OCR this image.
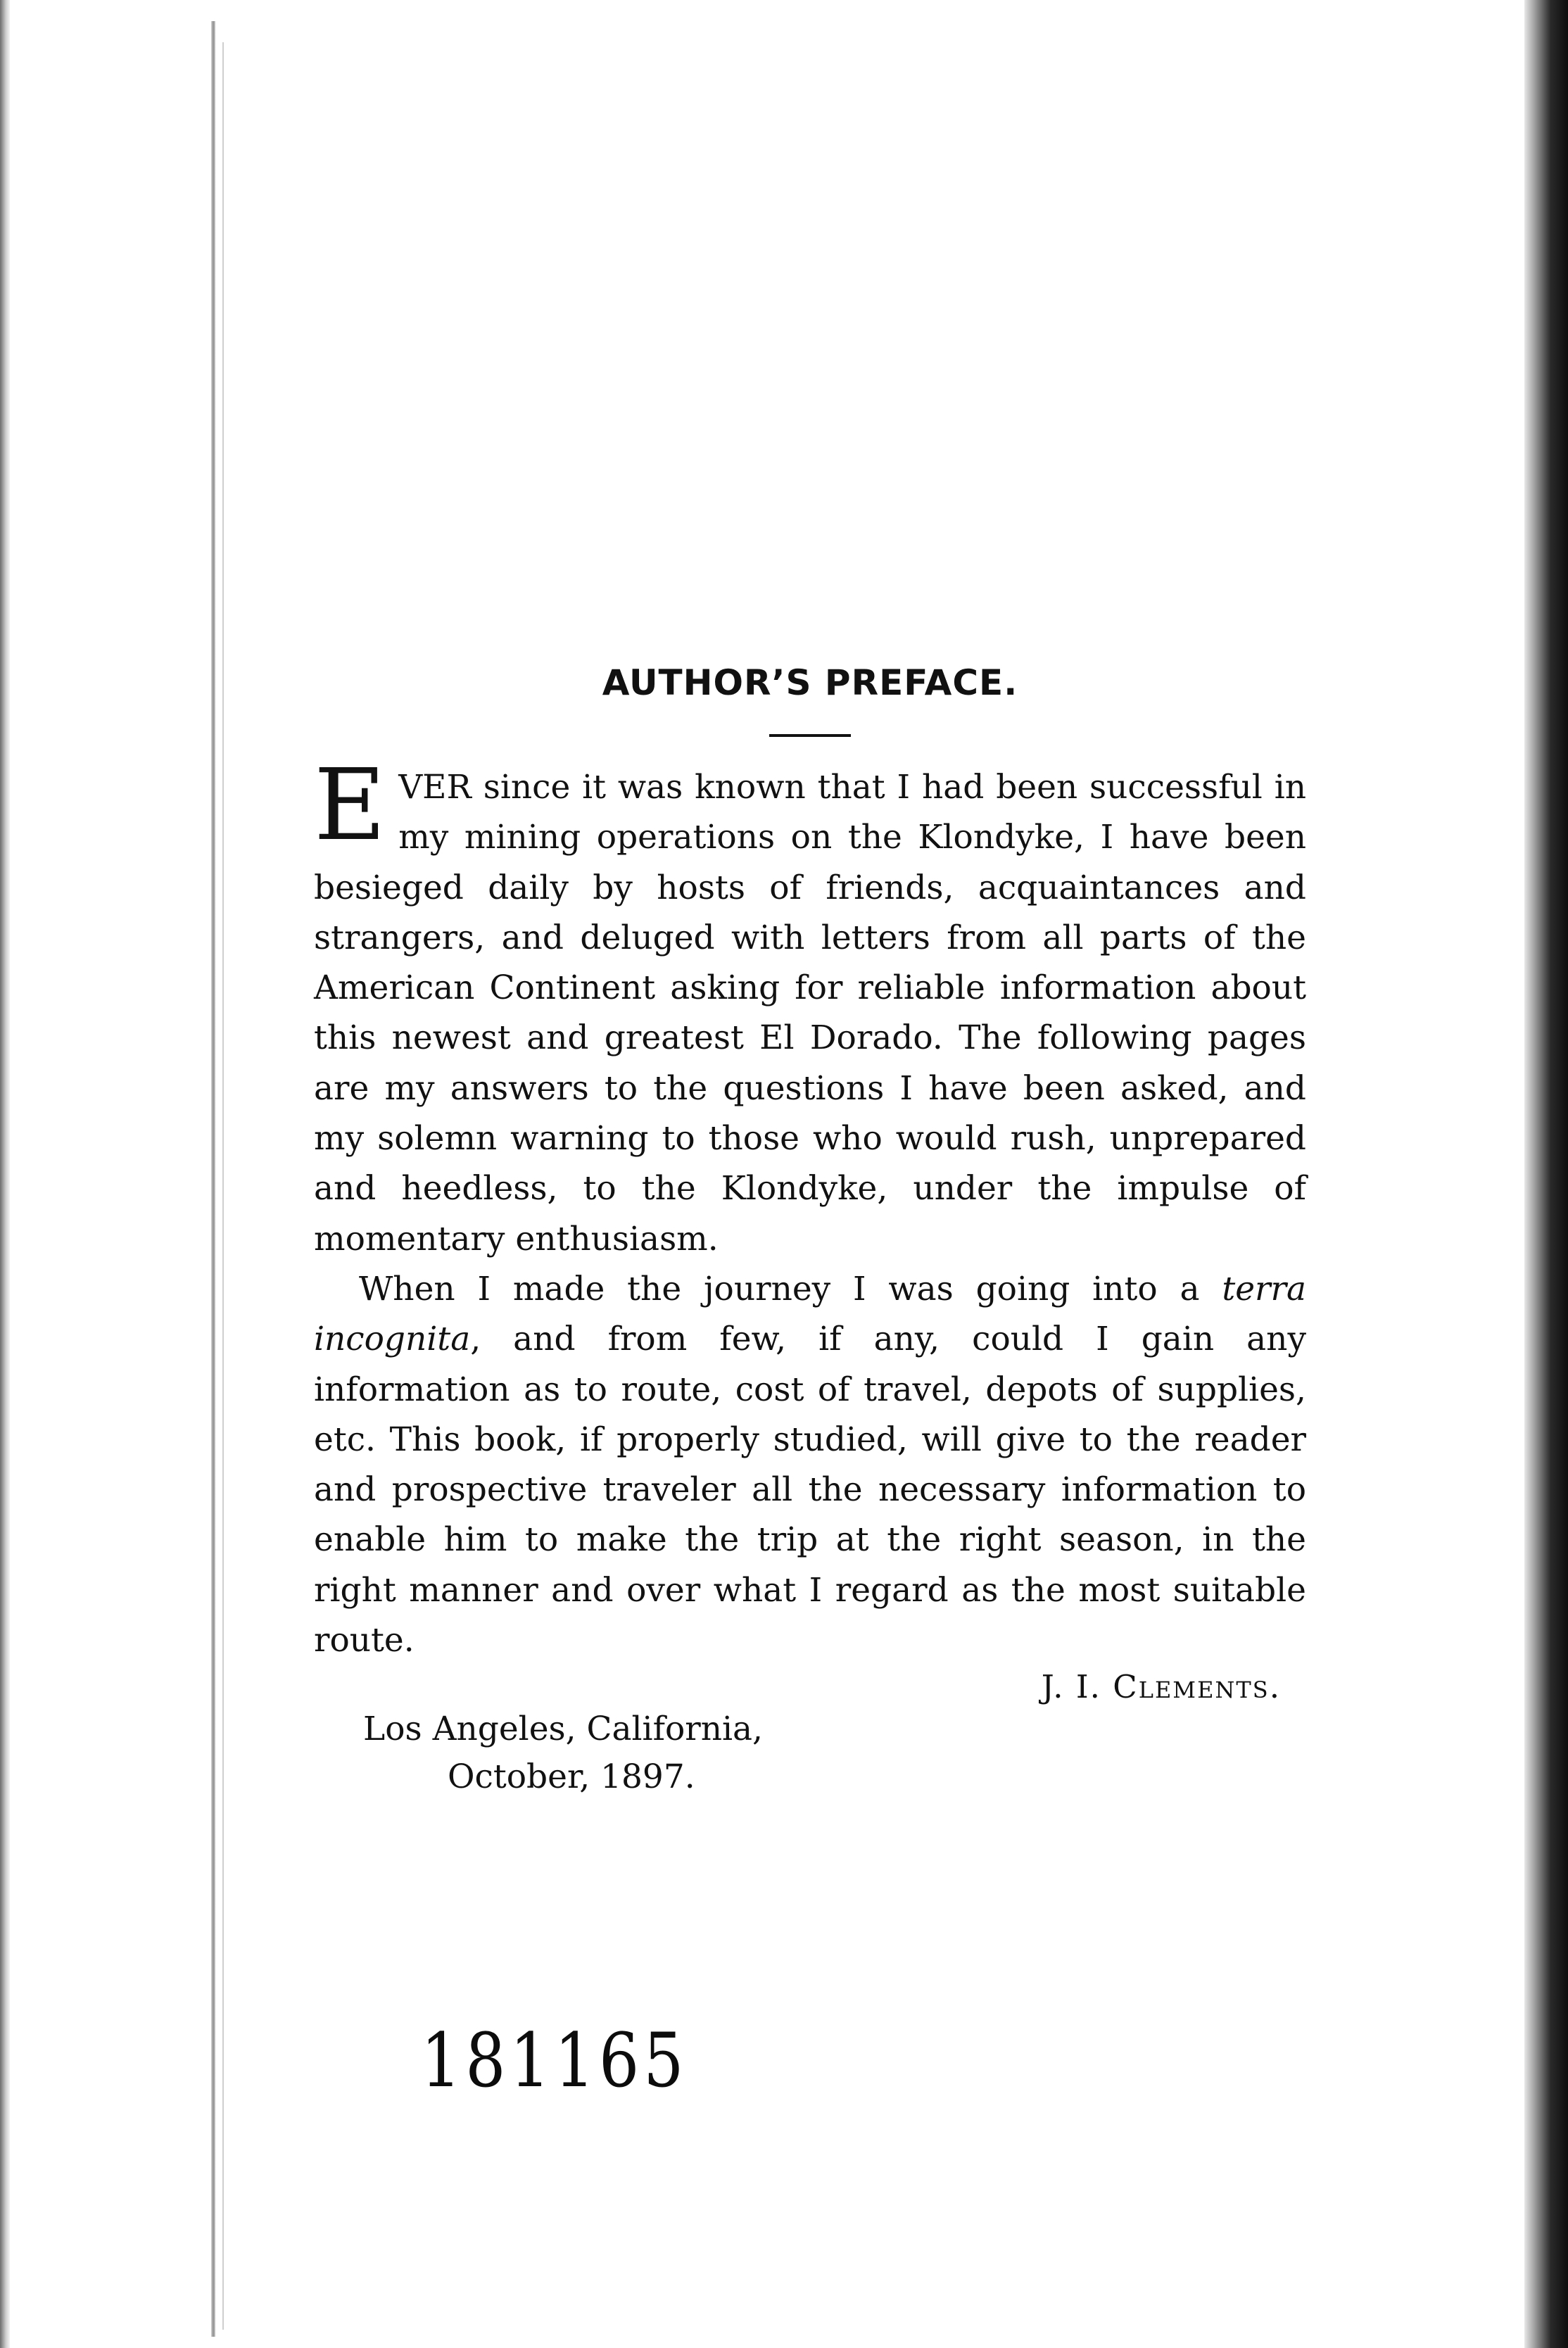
AUTHOR’S PREFACE.

EVER since it was known that I had been successful in my mining operations on the Klondyke, I have been besieged daily by hosts of friends, acquaintances and strangers, and deluged with letters from all parts of the American Continent asking for reliable information about this newest and greatest El Dorado. The following pages are my answers to the questions I have been asked, and my solemn warning to those who would rush, unprepared and heedless, to the Klondyke, under the impulse of momentary enthusiasm.

When I made the journey I was going into a terra incognita, and from few, if any, could I gain any information as to route, cost of travel, depots of supplies, etc. This book, if properly studied, will give to the reader and prospective traveler all the necessary information to enable him to make the trip at the right season, in the right manner and over what I regard as the most suitable route.

J. I. Clements.
Los Angeles, California,
October, 1897.
181165
